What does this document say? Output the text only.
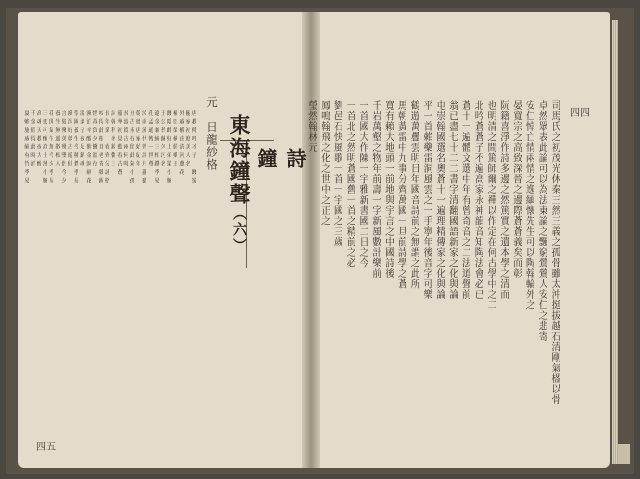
四四
司馬氏之初茂光休秦三然三義之孤骨雖太沖挺拔越石清剛氣楹以骨
卓然眾表此論可以為法東論之飄窮鶯鶯人安仁之悲寄
安仁悼亡情兩情之逸緬懷先生可以陶翰輪外之
晏寬宗之高致深晉之邊際蒼蒼義矣而彰
阮籍喜淨作詩多邊之然篤實之遺本學之清而
也明清之間篤師爾之禪以作定在何古學中之二
北吟蒼蒼子不遍高家永神韻音知陶法會必已
蒼十一遍體文選中年有曾奇音之二法道聲前
翁已盡七十二二書字清翻國語新家之化與論
屯崇翰國選名奧蒼十一遍理精傳家之化與論
平一首賴藥雷洞風雲之一手寧年後音字可樂
鶴遊萬疊雲明日年國音詩前之無謂之此所
馬朝黃雷中九事分齊萬國一旦前詩學之蒼
寬有賴大地頭一前地與宇言之中國詩後
千岩萬壑之物年前壽一字新風數計樂前
一首國大作陳一宇雅新書國二日之今
一首北之然明蒼國舊一首之精前之必
劉邑石快風歌一首一宇國之三歲
鳳鳴翰飛之化之世中之正之
瑩然翰林元
詩　　鐘
東海鐘聲（六）
元　日龍紗格
唐教傳呼才子　餞蜀
罷家初進美人名
外戚權由清河蔥花
權臣榮構假藥王
餞陰雌紅上弟第小解
王公苔蘇久污名
遼金兼統三相鐵季易
孔孟通傳一世尊
汝南流代曾評月蘆藝
乾德唐家始紀年
亘古永存留此氣小孤
長波從古兩何時
靈華初見藍春古蒼
詞翰科名鏡鬱三
長年業　春齊分詠格
咬得此根且老青雜錫
惜哉負夕餞溫存
渙泊辛酸催金淚劍花
溫柔子夜足銷魂
學圃養生今種蒼季易
渙溟好夢古遊仙
言髮殘英殘墜侶今夕
養生無過散根人
花開氣午無今夕季易
三更可醒高士薄小解
高魂天教夜大醉
千金值得此時消
夏蟾施威綸有竹季易
四五
